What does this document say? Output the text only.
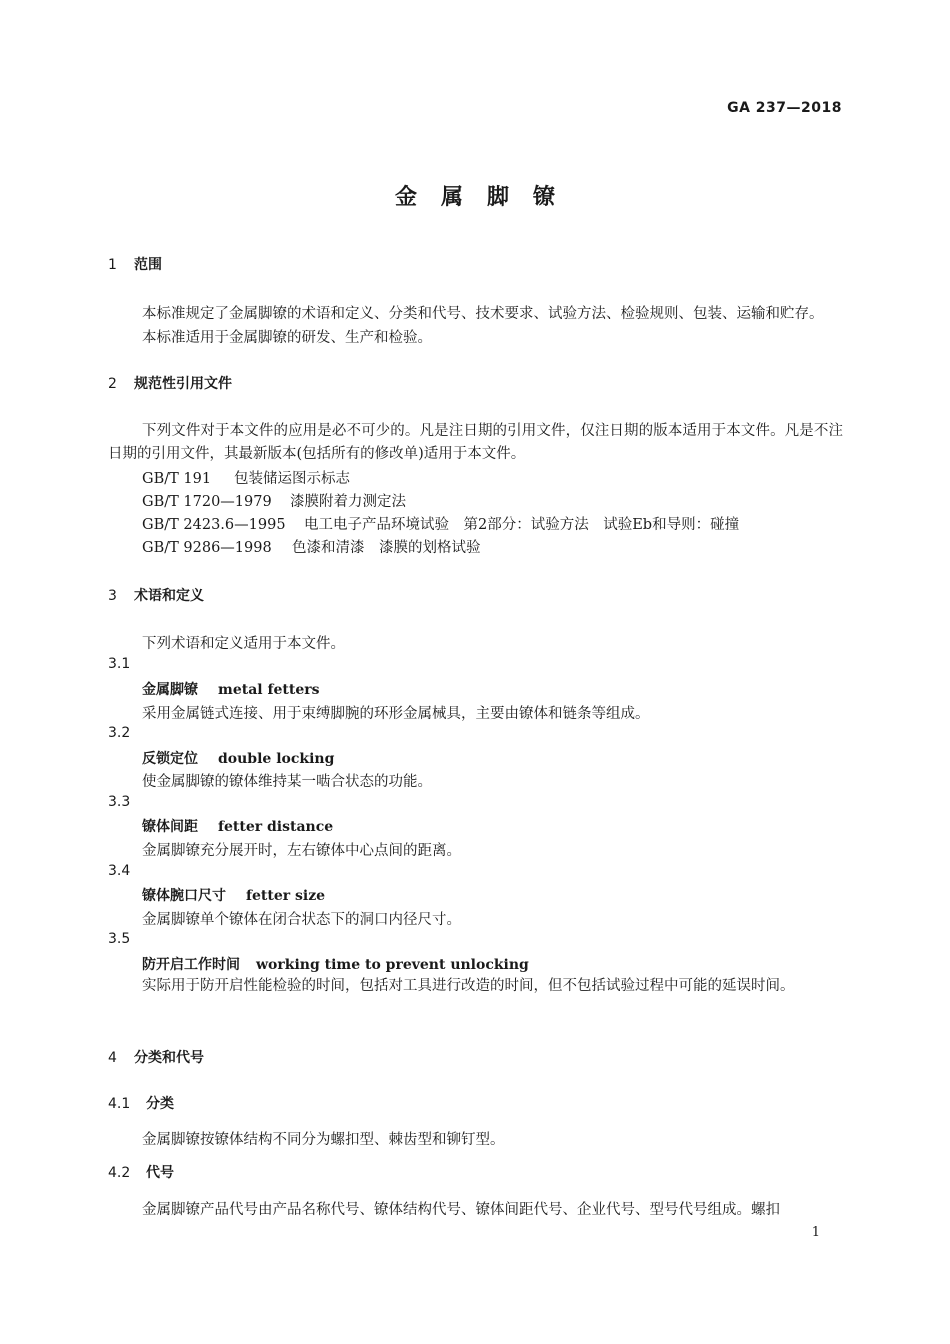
GA 237—2018
金属脚镣
1 范围
本标准规定了金属脚镣的术语和定义、分类和代号、技术要求、试验方法、检验规则、包装、运输和贮存。
本标准适用于金属脚镣的研发、生产和检验。
2 规范性引用文件
下列文件对于本文件的应用是必不可少的。凡是注日期的引用文件，仅注日期的版本适用于本文件。凡是不注日期的引用文件，其最新版本(包括所有的修改单)适用于本文件。
GB/T 191 包装储运图示标志
GB/T 1720—1979 漆膜附着力测定法
GB/T 2423.6—1995 电工电子产品环境试验　第2部分：试验方法　试验Eb和导则：碰撞
GB/T 9286—1998 色漆和清漆　漆膜的划格试验
3 术语和定义
下列术语和定义适用于本文件。
3.1
金属脚镣 metal fetters
采用金属链式连接、用于束缚脚腕的环形金属械具，主要由镣体和链条等组成。
3.2
反锁定位 double locking
使金属脚镣的镣体维持某一啮合状态的功能。
3.3
镣体间距 fetter distance
金属脚镣充分展开时，左右镣体中心点间的距离。
3.4
镣体腕口尺寸 fetter size
金属脚镣单个镣体在闭合状态下的洞口内径尺寸。
3.5
防开启工作时间 working time to prevent unlocking
实际用于防开启性能检验的时间，包括对工具进行改造的时间，但不包括试验过程中可能的延误时间。
4 分类和代号
4.1 分类
金属脚镣按镣体结构不同分为螺扣型、棘齿型和铆钉型。
4.2 代号
金属脚镣产品代号由产品名称代号、镣体结构代号、镣体间距代号、企业代号、型号代号组成。螺扣
1
